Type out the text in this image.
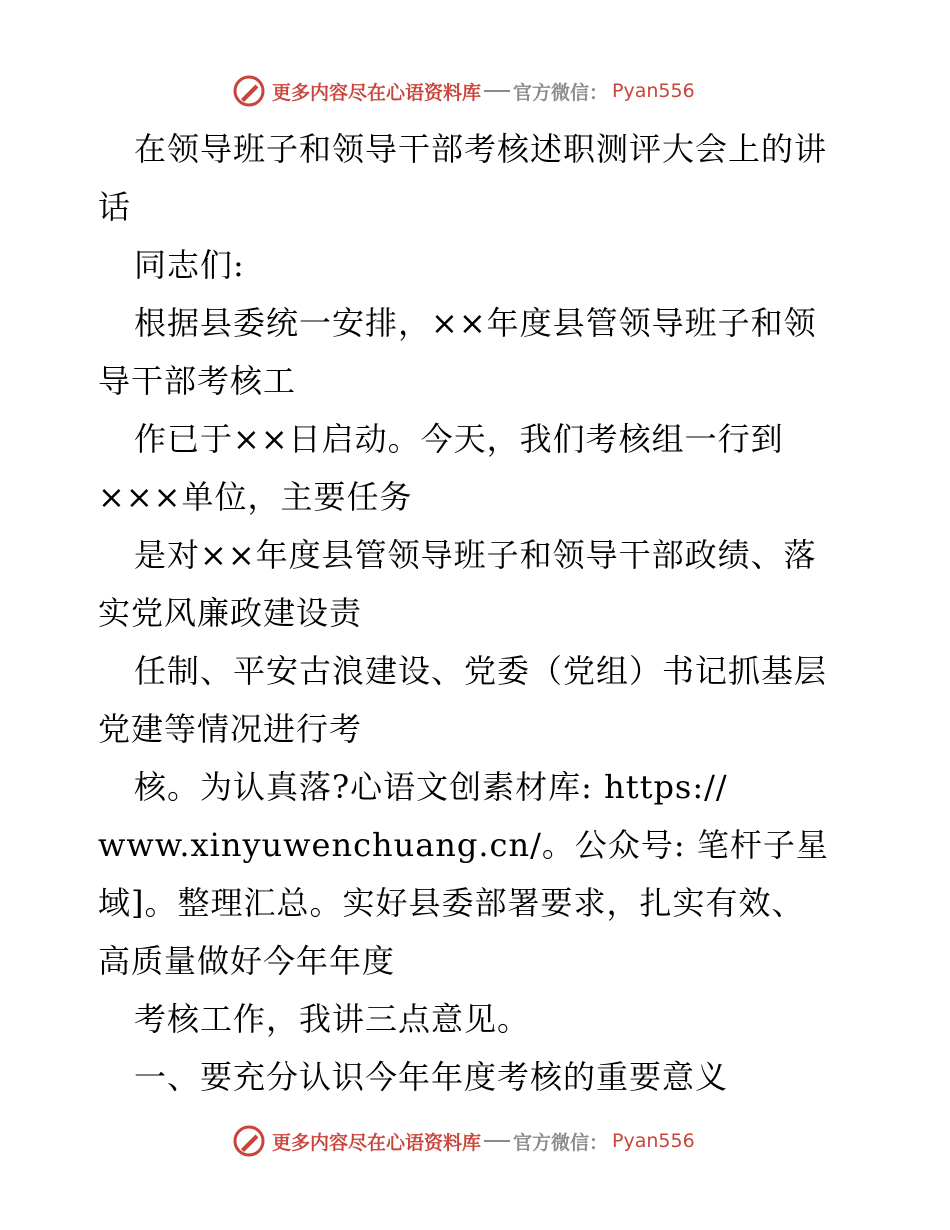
更多内容尽在心语资料库 官方微信： Pyan556
在领导班子和领导干部考核述职测评大会上的讲
话
同志们:
根据县委统一安排，××年度县管领导班子和领
导干部考核工
作已于××日启动。今天，我们考核组一行到
×××单位，主要任务
是对××年度县管领导班子和领导干部政绩、落
实党风廉政建设责
任制、平安古浪建设、党委（党组）书记抓基层
党建等情况进行考
核。为认真落?心语文创素材库: https://
www.xinyuwenchuang.cn/。公众号: 笔杆子星
域]。整理汇总。实好县委部署要求，扎实有效、
高质量做好今年年度
考核工作，我讲三点意见。
一、要充分认识今年年度考核的重要意义
更多内容尽在心语资料库 官方微信： Pyan556
